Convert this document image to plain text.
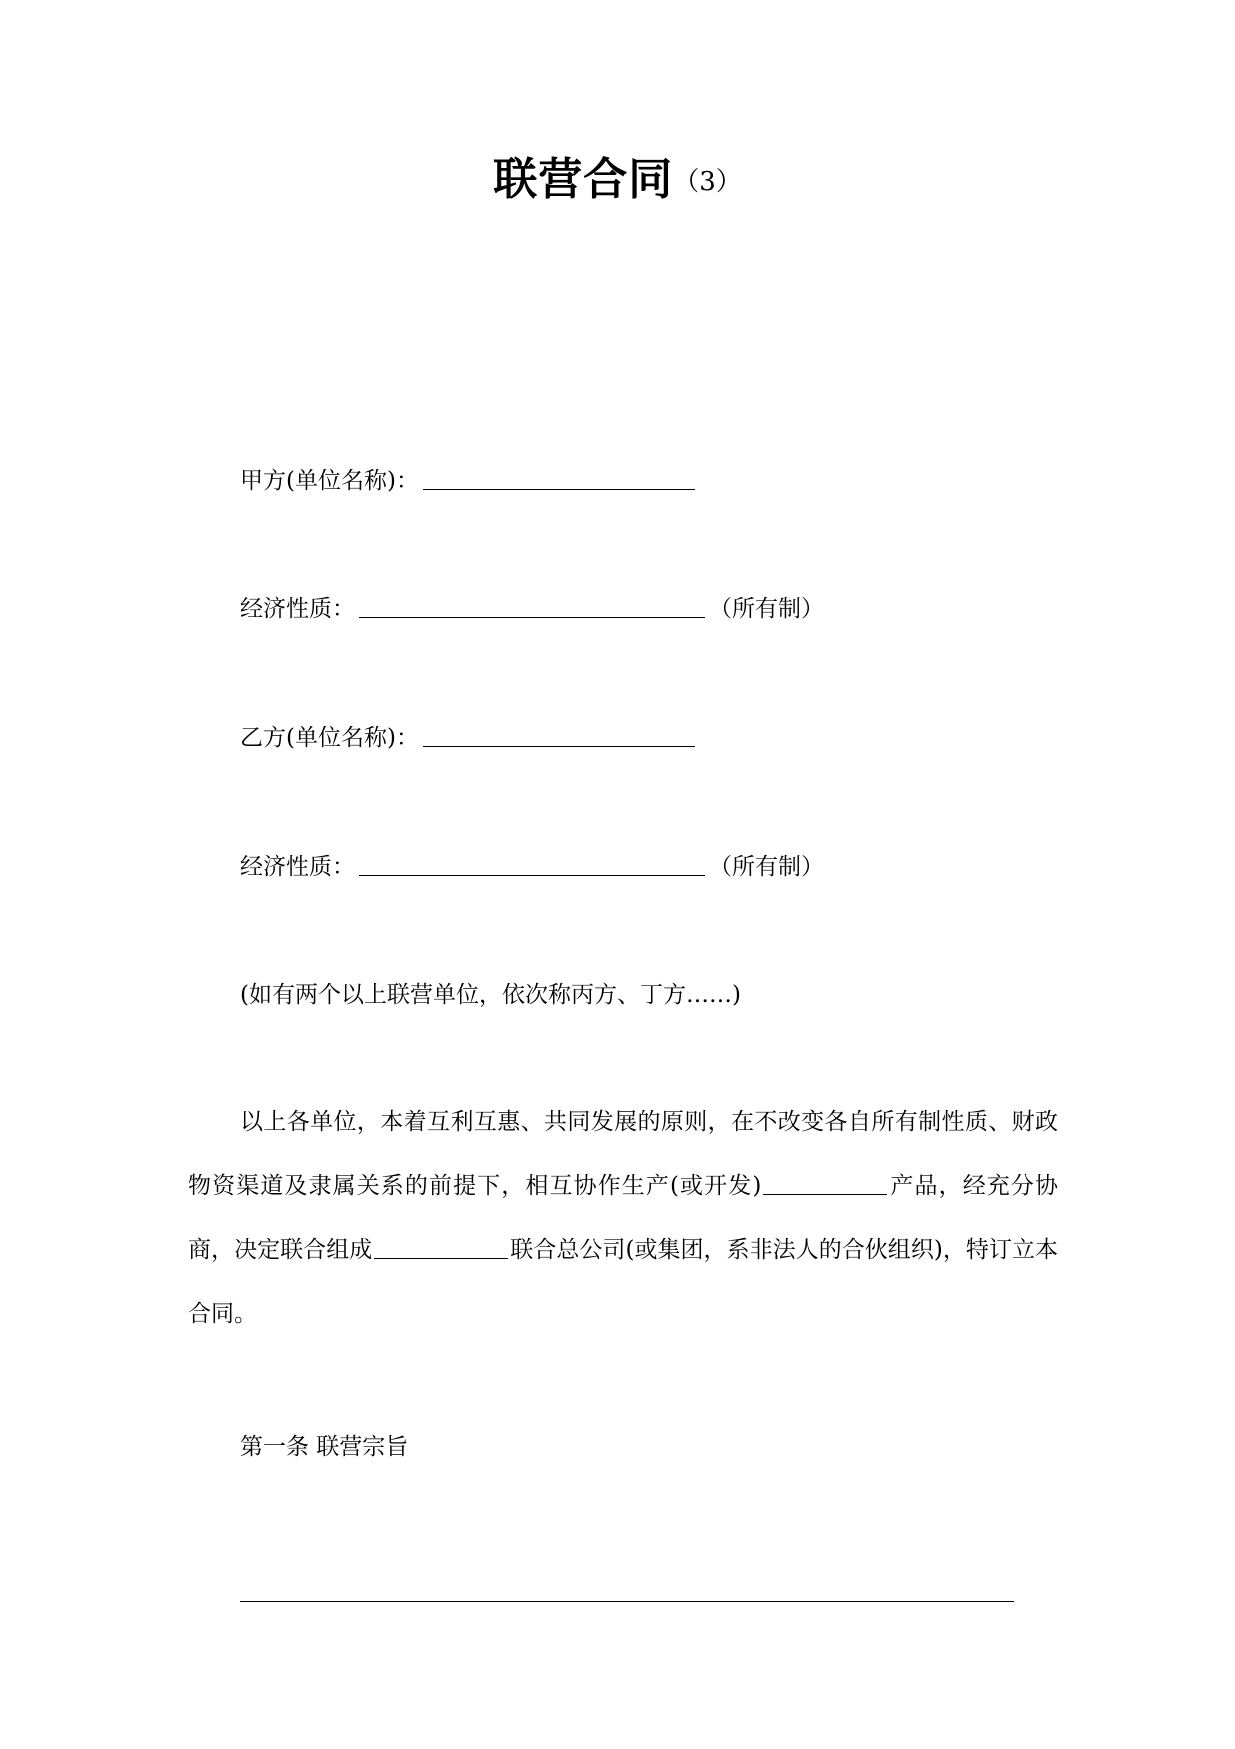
联营合同（3）
甲方(单位名称)：
经济性质：	（所有制）
乙方(单位名称)：
经济性质：	（所有制）
(如有两个以上联营单位，依次称丙方、丁方……)
以上各单位，本着互利互惠、共同发展的原则，在不改变各自所有制性质、财政物资渠道及隶属关系的前提下，相互协作生产(或开发)	产品，经充分协商，决定联合组成	联合总公司(或集团，系非法人的合伙组织)，特订立本合同。
第一条 联营宗旨
